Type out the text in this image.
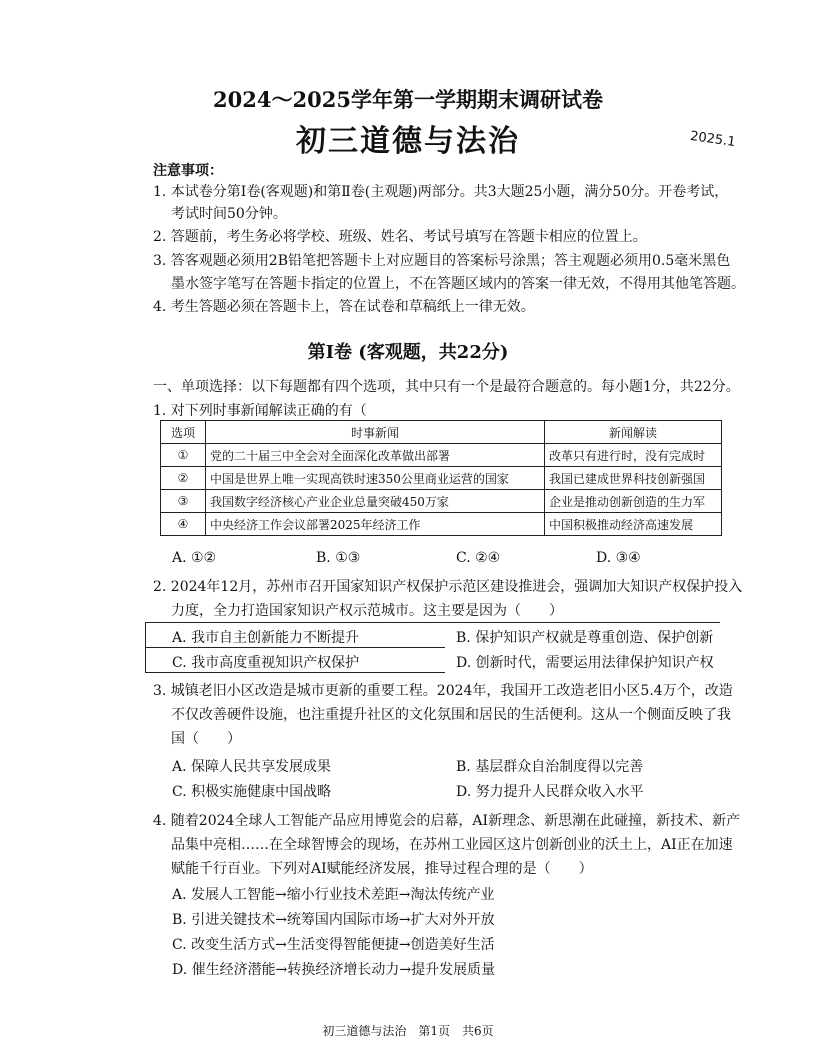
2024～2025学年第一学期期末调研试卷
初三道德与法治	2025.1
注意事项：
1. 本试卷分第Ⅰ卷(客观题)和第Ⅱ卷(主观题)两部分。共3大题25小题，满分50分。开卷考试，
考试时间50分钟。
2. 答题前，考生务必将学校、班级、姓名、考试号填写在答题卡相应的位置上。
3. 答客观题必须用2B铅笔把答题卡上对应题目的答案标号涂黑；答主观题必须用0.5毫米黑色
墨水签字笔写在答题卡指定的位置上，不在答题区域内的答案一律无效，不得用其他笔答题。
4. 考生答题必须在答题卡上，答在试卷和草稿纸上一律无效。
第Ⅰ卷 (客观题，共22分)
一、单项选择：以下每题都有四个选项，其中只有一个是最符合题意的。每小题1分，共22分。
1. 对下列时事新闻解读正确的有（
选项	时事新闻	新闻解读
①	党的二十届三中全会对全面深化改革做出部署	改革只有进行时，没有完成时
②	中国是世界上唯一实现高铁时速350公里商业运营的国家	我国已建成世界科技创新强国
③	我国数字经济核心产业企业总量突破450万家	企业是推动创新创造的生力军
④	中央经济工作会议部署2025年经济工作	中国积极推动经济高速发展
A. ①②	B. ①③	C. ②④	D. ③④
2. 2024年12月，苏州市召开国家知识产权保护示范区建设推进会，强调加大知识产权保护投入
力度，全力打造国家知识产权示范城市。这主要是因为（　　）
A. 我市自主创新能力不断提升	B. 保护知识产权就是尊重创造、保护创新
C. 我市高度重视知识产权保护	D. 创新时代，需要运用法律保护知识产权
3. 城镇老旧小区改造是城市更新的重要工程。2024年，我国开工改造老旧小区5.4万个，改造
不仅改善硬件设施，也注重提升社区的文化氛围和居民的生活便利。这从一个侧面反映了我
国（　　）
A. 保障人民共享发展成果	B. 基层群众自治制度得以完善
C. 积极实施健康中国战略	D. 努力提升人民群众收入水平
4. 随着2024全球人工智能产品应用博览会的启幕，AI新理念、新思潮在此碰撞，新技术、新产
品集中亮相……在全球智博会的现场，在苏州工业园区这片创新创业的沃土上，AI正在加速
赋能千行百业。下列对AI赋能经济发展，推导过程合理的是（　　）
A. 发展人工智能→缩小行业技术差距→淘汰传统产业
B. 引进关键技术→统筹国内国际市场→扩大对外开放
C. 改变生活方式→生活变得智能便捷→创造美好生活
D. 催生经济潜能→转换经济增长动力→提升发展质量
初三道德与法治　第1页　共6页
